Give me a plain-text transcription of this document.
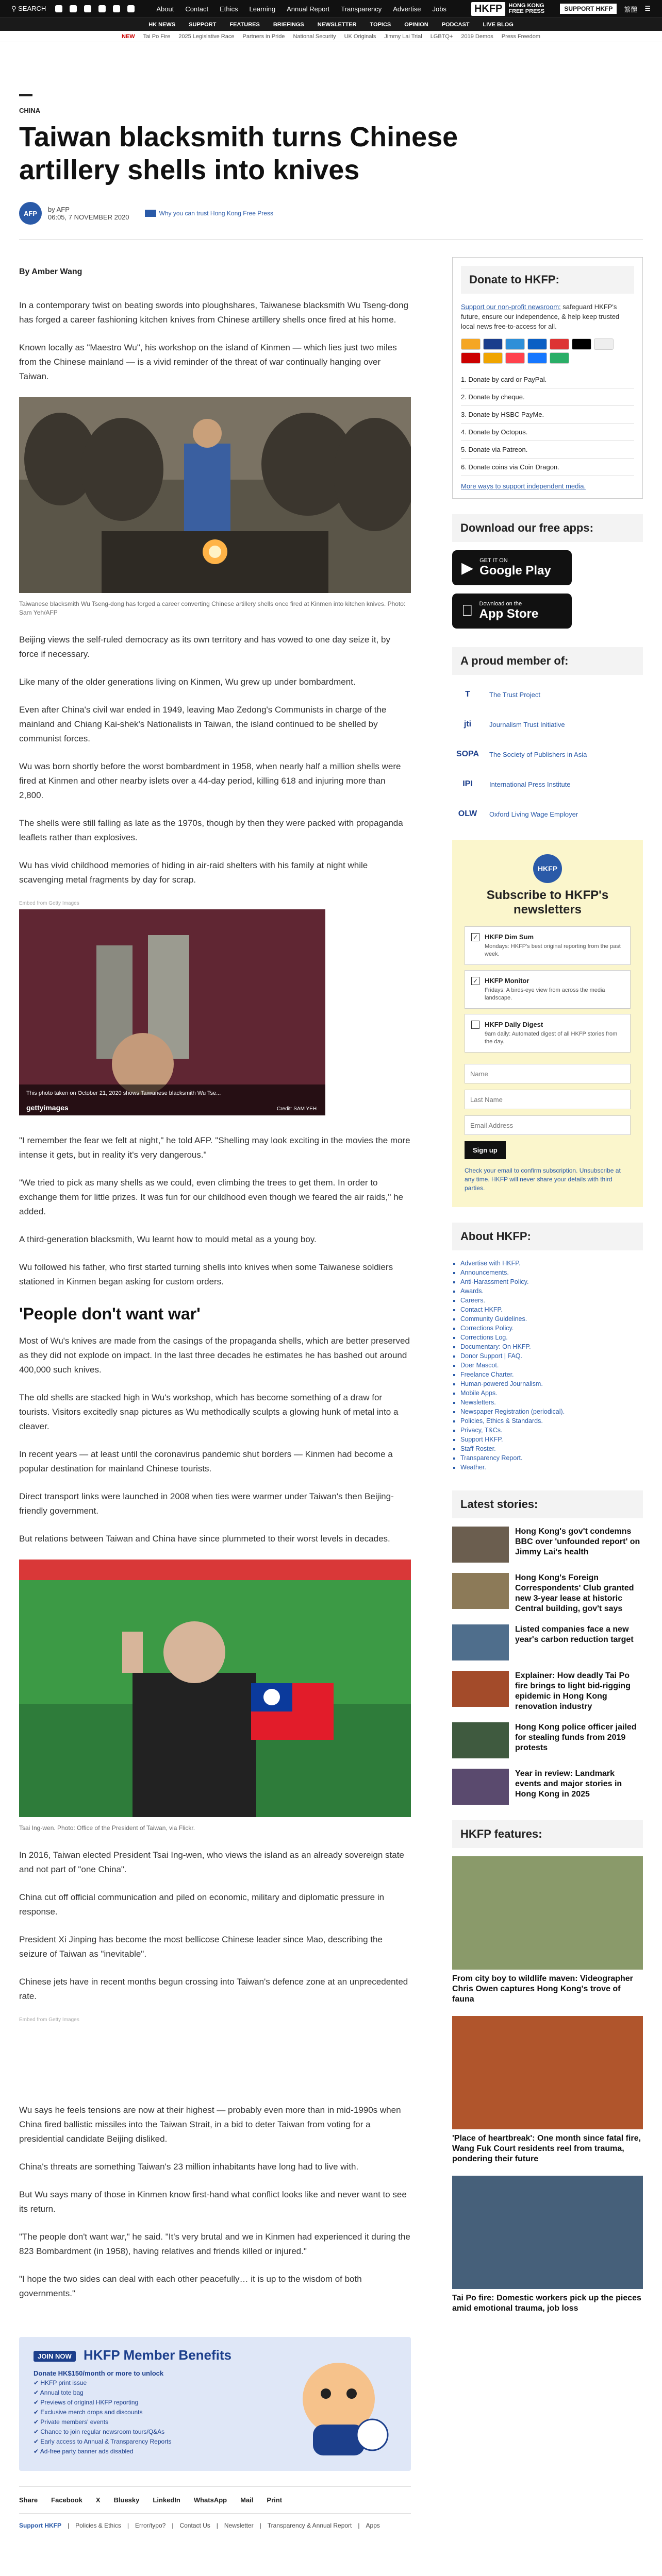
⚲ SEARCH	About Contact Ethics Learning Annual Report Transparency Advertise Jobs	HKFP	HONG KONG
FREE PRESS	SUPPORT HKFP	繁體 ☰
HK NEWS SUPPORT FEATURES BRIEFINGS NEWSLETTER TOPICS OPINION PODCAST LIVE BLOG
NEW Tai Po Fire 2025 Legislative Race Partners in Pride National Security UK Originals Jimmy Lai Trial LGBTQ+ 2019 Demos Press Freedom
CHINA
Taiwan blacksmith turns Chinese artillery shells into knives
AFP	by AFP
06:05, 7 NOVEMBER 2020	Why you can trust Hong Kong Free Press
By Amber Wang

In a contemporary twist on beating swords into ploughshares, Taiwanese blacksmith Wu Tseng-dong has forged a career fashioning kitchen knives from Chinese artillery shells once fired at his home.

Known locally as "Maestro Wu", his workshop on the island of Kinmen — which lies just two miles from the Chinese mainland — is a vivid reminder of the threat of war continually hanging over Taiwan.

Taiwanese blacksmith Wu Tseng-dong has forged a career converting Chinese artillery shells once fired at Kinmen into kitchen knives. Photo: Sam Yeh/AFP

Beijing views the self-ruled democracy as its own territory and has vowed to one day seize it, by force if necessary.

Like many of the older generations living on Kinmen, Wu grew up under bombardment.

Even after China's civil war ended in 1949, leaving Mao Zedong's Communists in charge of the mainland and Chiang Kai-shek's Nationalists in Taiwan, the island continued to be shelled by communist forces.

Wu was born shortly before the worst bombardment in 1958, when nearly half a million shells were fired at Kinmen and other nearby islets over a 44-day period, killing 618 and injuring more than 2,800.

The shells were still falling as late as the 1970s, though by then they were packed with propaganda leaflets rather than explosives.

Wu has vivid childhood memories of hiding in air-raid shelters with his family at night while scavenging metal fragments by day for scrap.

Embed from Getty Images
This photo taken on October 21, 2020 shows Taiwanese blacksmith Wu Tse...
gettyimages	Credit: SAM YEH

"I remember the fear we felt at night," he told AFP. "Shelling may look exciting in the movies the more intense it gets, but in reality it's very dangerous."

"We tried to pick as many shells as we could, even climbing the trees to get them. In order to exchange them for little prizes. It was fun for our childhood even though we feared the air raids," he added.

A third-generation blacksmith, Wu learnt how to mould metal as a young boy.

Wu followed his father, who first started turning shells into knives when some Taiwanese soldiers stationed in Kinmen began asking for custom orders.

'People don't want war'

Most of Wu's knives are made from the casings of the propaganda shells, which are better preserved as they did not explode on impact. In the last three decades he estimates he has bashed out around 400,000 such knives.

The old shells are stacked high in Wu's workshop, which has become something of a draw for tourists. Visitors excitedly snap pictures as Wu methodically sculpts a glowing hunk of metal into a cleaver.

In recent years — at least until the coronavirus pandemic shut borders — Kinmen had become a popular destination for mainland Chinese tourists.

Direct transport links were launched in 2008 when ties were warmer under Taiwan's then Beijing-friendly government.

But relations between Taiwan and China have since plummeted to their worst levels in decades.

Tsai Ing-wen. Photo: Office of the President of Taiwan, via Flickr.

In 2016, Taiwan elected President Tsai Ing-wen, who views the island as an already sovereign state and not part of "one China".

China cut off official communication and piled on economic, military and diplomatic pressure in response.

President Xi Jinping has become the most bellicose Chinese leader since Mao, describing the seizure of Taiwan as "inevitable".

Chinese jets have in recent months begun crossing into Taiwan's defence zone at an unprecedented rate.

Embed from Getty Images

Wu says he feels tensions are now at their highest — probably even more than in mid-1990s when China fired ballistic missiles into the Taiwan Strait, in a bid to deter Taiwan from voting for a presidential candidate Beijing disliked.

China's threats are something Taiwan's 23 million inhabitants have long had to live with.

But Wu says many of those in Kinmen know first-hand what conflict looks like and never want to see its return.

"The people don't want war," he said. "It's very brutal and we in Kinmen had experienced it during the 823 Bombardment (in 1958), having relatives and friends killed or injured."

"I hope the two sides can deal with each other peacefully… it is up to the wisdom of both governments."

JOIN NOW HKFP Member Benefits
Donate HK$150/month or more to unlock
✔ HKFP print issue
✔ Annual tote bag
✔ Previews of original HKFP reporting
✔ Exclusive merch drops and discounts
✔ Private members' events
✔ Chance to join regular newsroom tours/Q&As
✔ Early access to Annual & Transparency Reports
✔ Ad-free party banner ads disabled
Share Facebook X Bluesky LinkedIn WhatsApp Mail Print
Support HKFP | Policies & Ethics | Error/typo? | Contact Us | Newsletter | Transparency & Annual Report | Apps
Donate to HKFP:
Support our non-profit newsroom: safeguard HKFP's future, ensure our independence, & help keep trusted local news free-to-access for all.
1. Donate by card or PayPal.
2. Donate by cheque.
3. Donate by HSBC PayMe.
4. Donate by Octopus.
5. Donate via Patreon.
6. Donate coins via Coin Dragon.
More ways to support independent media.
Download our free apps:
▶ GET IT ON
Google Play
Download on the
App Store
A proud member of:
T	The Trust Project
jti	Journalism Trust Initiative
SOPA	The Society of Publishers in Asia
IPI	International Press Institute
OLW	Oxford Living Wage Employer
HKFP
Subscribe to HKFP's newsletters
✓ HKFP Dim Sum
Mondays: HKFP's best original reporting from the past week.
✓ HKFP Monitor
Fridays: A birds-eye view from across the media landscape.
HKFP Daily Digest
9am daily: Automated digest of all HKFP stories from the day.
Name Last Name Email Address Sign up
Check your email to confirm subscription. Unsubscribe at any time. HKFP will never share your details with third parties.
About HKFP:
▪ Advertise with HKFP.
▪ Announcements.
▪ Anti-Harassment Policy.
▪ Awards.
▪ Careers.
▪ Contact HKFP.
▪ Community Guidelines.
▪ Corrections Policy.
▪ Corrections Log.
▪ Documentary: On HKFP.
▪ Donor Support | FAQ.
▪ Doer Mascot.
▪ Freelance Charter.
▪ Human-powered Journalism.
▪ Mobile Apps.
▪ Newsletters.
▪ Newspaper Registration (periodical).
▪ Policies, Ethics & Standards.
▪ Privacy, T&Cs.
▪ Support HKFP.
▪ Staff Roster.
▪ Transparency Report.
▪ Weather.
Latest stories:
Hong Kong's gov't condemns BBC over 'unfounded report' on Jimmy Lai's health
Hong Kong's Foreign Correspondents' Club granted new 3-year lease at historic Central building, gov't says
Listed companies face a new year's carbon reduction target
Explainer: How deadly Tai Po fire brings to light bid-rigging epidemic in Hong Kong renovation industry
Hong Kong police officer jailed for stealing funds from 2019 protests
Year in review: Landmark events and major stories in Hong Kong in 2025
HKFP features:
From city boy to wildlife maven: Videographer Chris Owen captures Hong Kong's trove of fauna
'Place of heartbreak': One month since fatal fire, Wang Fuk Court residents reel from trauma, pondering their future
Tai Po fire: Domestic workers pick up the pieces amid emotional trauma, job loss
